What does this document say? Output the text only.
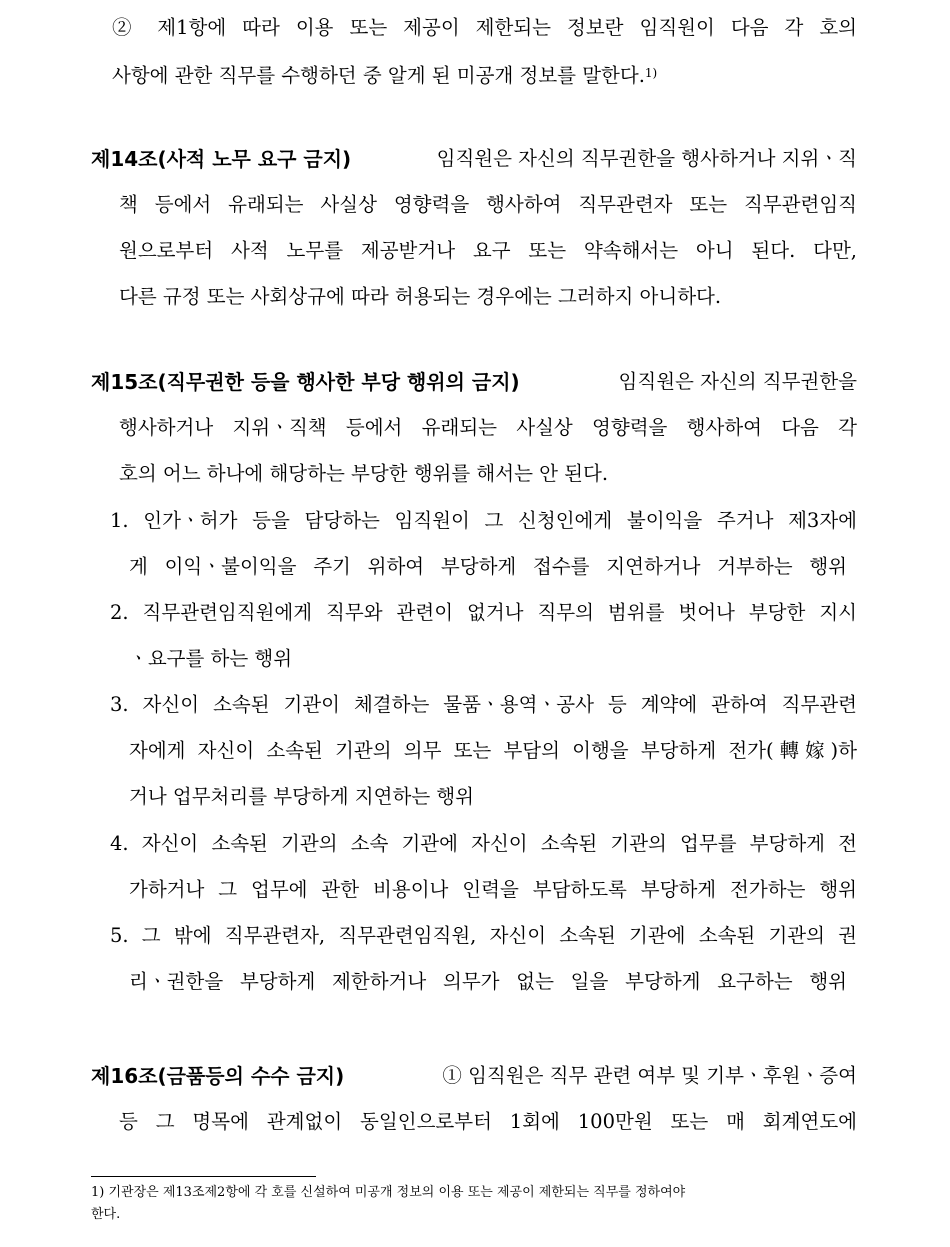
② 제1항에 따라 이용 또는 제공이 제한되는 정보란 임직원이 다음 각 호의
사항에 관한 직무를 수행하던 중 알게 된 미공개 정보를 말한다.$^{1)}$
제14조(사적 노무 요구 금지)	임직원은 자신의 직무권한을 행사하거나 지위ㆍ직
책 등에서 유래되는 사실상 영향력을 행사하여 직무관련자 또는 직무관련임직
원으로부터 사적 노무를 제공받거나 요구 또는 약속해서는 아니 된다. 다만,
다른 규정 또는 사회상규에 따라 허용되는 경우에는 그러하지 아니하다.
제15조(직무권한 등을 행사한 부당 행위의 금지)	임직원은 자신의 직무권한을
행사하거나 지위ㆍ직책 등에서 유래되는 사실상 영향력을 행사하여 다음 각
호의 어느 하나에 해당하는 부당한 행위를 해서는 안 된다.
1. 인가ㆍ허가 등을 담당하는 임직원이 그 신청인에게 불이익을 주거나 제3자에
게 이익ㆍ불이익을 주기 위하여 부당하게 접수를 지연하거나 거부하는 행위
2. 직무관련임직원에게 직무와 관련이 없거나 직무의 범위를 벗어나 부당한 지시
ㆍ요구를 하는 행위
3. 자신이 소속된 기관이 체결하는 물품ㆍ용역ㆍ공사 등 계약에 관하여 직무관련
자에게 자신이 소속된 기관의 의무 또는 부담의 이행을 부당하게 전가(轉嫁)하
거나 업무처리를 부당하게 지연하는 행위
4. 자신이 소속된 기관의 소속 기관에 자신이 소속된 기관의 업무를 부당하게 전
가하거나 그 업무에 관한 비용이나 인력을 부담하도록 부당하게 전가하는 행위
5. 그 밖에 직무관련자, 직무관련임직원, 자신이 소속된 기관에 소속된 기관의 권
리ㆍ권한을 부당하게 제한하거나 의무가 없는 일을 부당하게 요구하는 행위
제16조(금품등의 수수 금지)	① 임직원은 직무 관련 여부 및 기부ㆍ후원ㆍ증여
등 그 명목에 관계없이 동일인으로부터 1회에 100만원 또는 매 회계연도에
1) 기관장은 제13조제2항에 각 호를 신설하여 미공개 정보의 이용 또는 제공이 제한되는 직무를 정하여야
한다.
